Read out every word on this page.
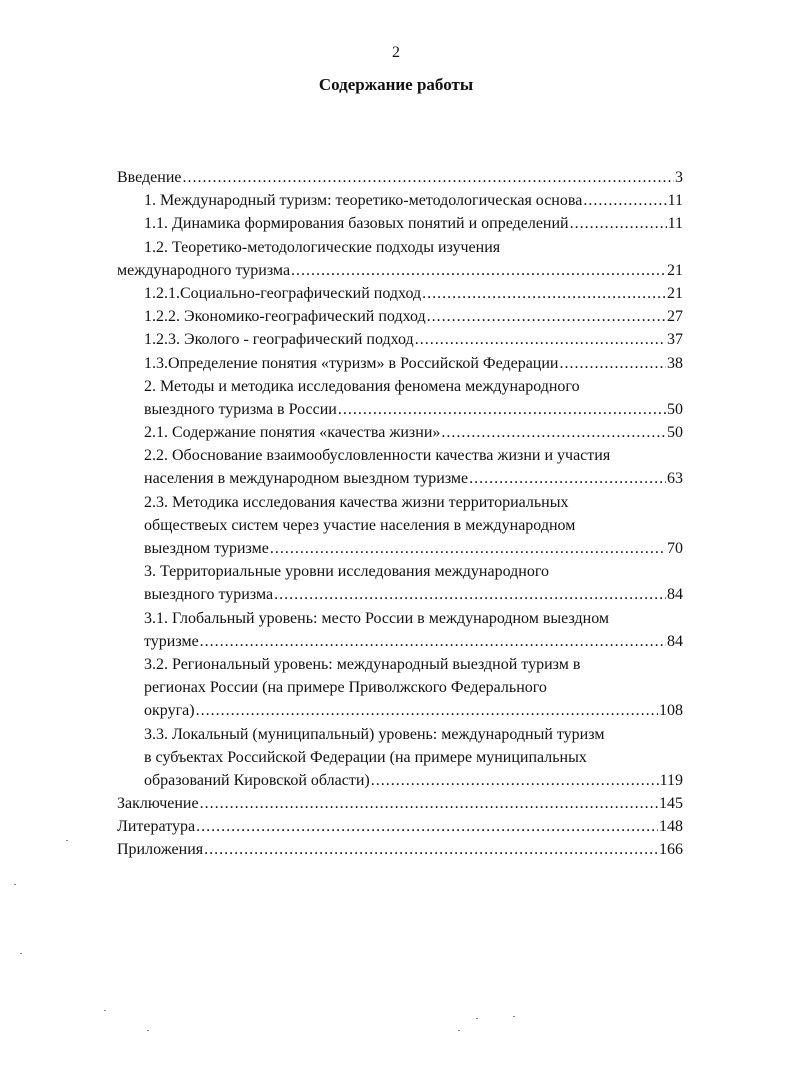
2
Содержание работы
Введение .....	3
1. Международный туризм: теоретико-методологическая основа .....	11
1.1. Динамика формирования базовых понятий и определений .....	11
1.2. Теоретико-методологические подходы изучения
международного туризма .....	21
1.2.1.Социально-географический подход .....	21
1.2.2. Экономико-географический подход .....	27
1.2.3. Эколого - географический подход .....	37
1.3.Определение понятия «туризм» в Российской Федерации .....	38
2. Методы и методика исследования феномена международного
выездного туризма в России .....	50
2.1. Содержание понятия «качества жизни» .....	50
2.2. Обоснование взаимообусловленности качества жизни и участия
населения в международном выездном туризме .....	63
2.3. Методика исследования качества жизни территориальных
обществеых систем через участие населения в международном
выездном туризме .....	70
3. Территориальные уровни исследования международного
выездного туризма .....	84
3.1. Глобальный уровень: место России в международном выездном
туризме .....	84
3.2. Региональный уровень: международный выездной туризм в
регионах России (на примере Приволжского Федерального
округа) .....	108
3.3. Локальный (муниципальный) уровень: международный туризм
в субъектах Российской Федерации (на примере муниципальных
образований Кировской области) .....	119
Заключение .....	145
Литература .....	148
Приложения .....	166
